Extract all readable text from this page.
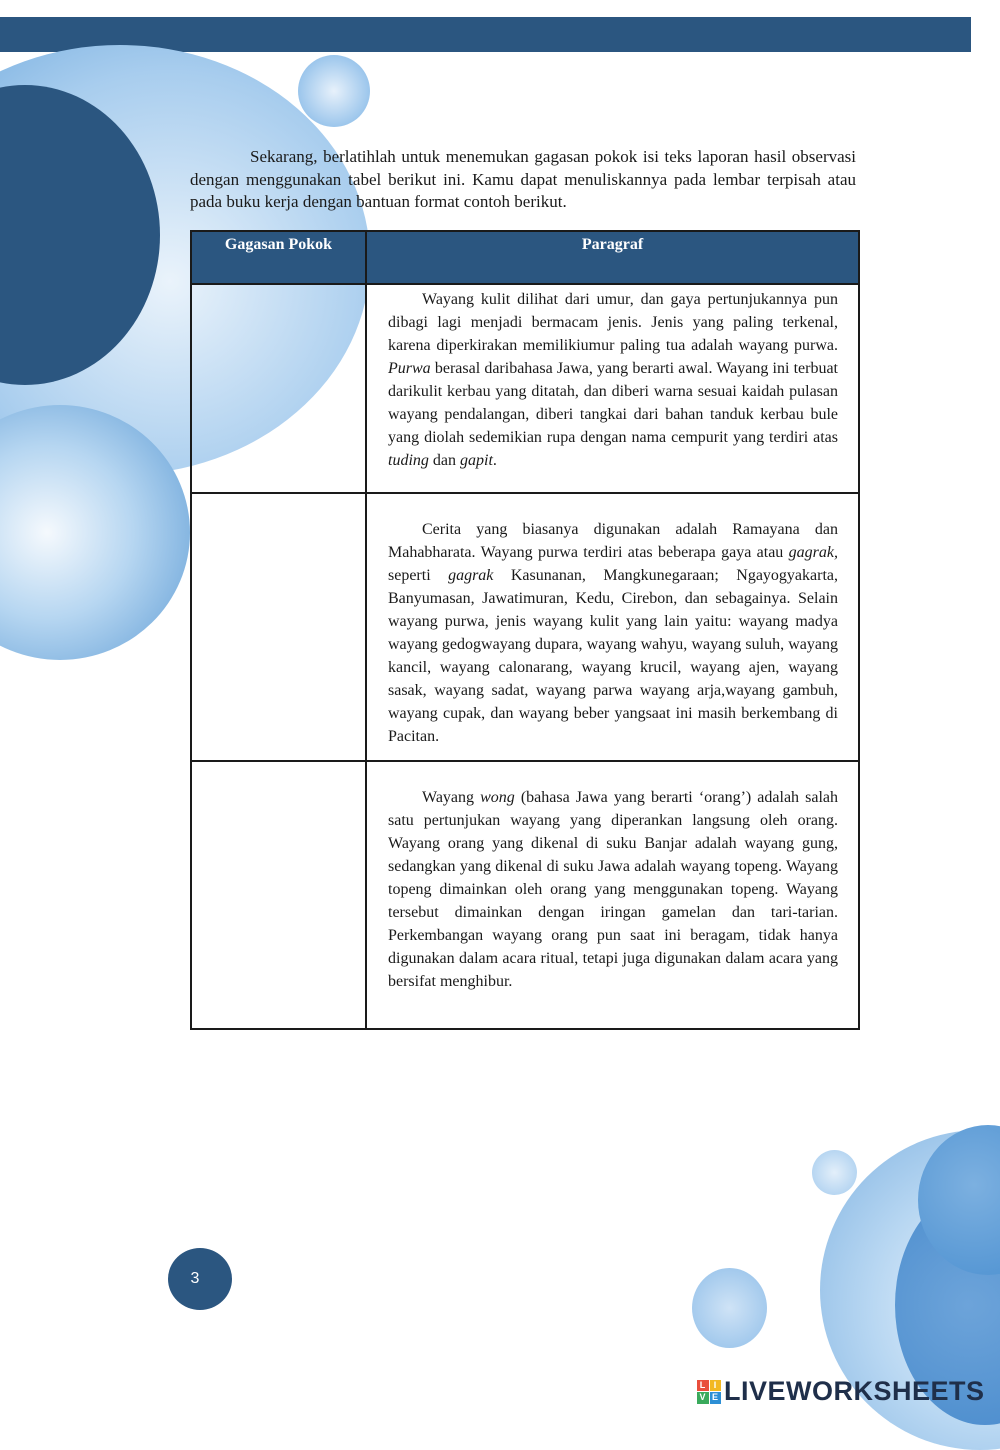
Sekarang, berlatihlah untuk menemukan gagasan pokok isi teks laporan hasil observasi dengan menggunakan tabel berikut ini. Kamu dapat menuliskannya pada lembar terpisah atau pada buku kerja dengan bantuan format contoh berikut.

Gagasan Pokok	Paragraf

	Wayang kulit dilihat dari umur, dan gaya pertunjukannya pun dibagi lagi menjadi bermacam jenis. Jenis yang paling terkenal, karena diperkirakan memilikiumur paling tua adalah wayang purwa. Purwa berasal daribahasa Jawa, yang berarti awal. Wayang ini terbuat darikulit kerbau yang ditatah, dan diberi warna sesuai kaidah pulasan wayang pendalangan, diberi tangkai dari bahan tanduk kerbau bule yang diolah sedemikian rupa dengan nama cempurit yang terdiri atas tuding dan gapit.

	Cerita yang biasanya digunakan adalah Ramayana dan Mahabharata. Wayang purwa terdiri atas beberapa gaya atau gagrak, seperti gagrak Kasunanan, Mangkunegaraan; Ngayogyakarta, Banyumasan, Jawatimuran, Kedu, Cirebon, dan sebagainya. Selain wayang purwa, jenis wayang kulit yang lain yaitu: wayang madya wayang gedogwayang dupara, wayang wahyu, wayang suluh, wayang kancil, wayang calonarang, wayang krucil, wayang ajen, wayang sasak, wayang sadat, wayang parwa wayang arja,wayang gambuh, wayang cupak, dan wayang beber yangsaat ini masih berkembang di Pacitan.

	Wayang wong (bahasa Jawa yang berarti ‘orang’) adalah salah satu pertunjukan wayang yang diperankan langsung oleh orang. Wayang orang yang dikenal di suku Banjar adalah wayang gung, sedangkan yang dikenal di suku Jawa adalah wayang topeng. Wayang topeng dimainkan oleh orang yang menggunakan topeng. Wayang tersebut dimainkan dengan iringan gamelan dan tari-tarian. Perkembangan wayang orang pun saat ini beragam, tidak hanya digunakan dalam acara ritual, tetapi juga digunakan dalam acara yang bersifat menghibur.

3
L I
V E LIVEWORKSHEETS
